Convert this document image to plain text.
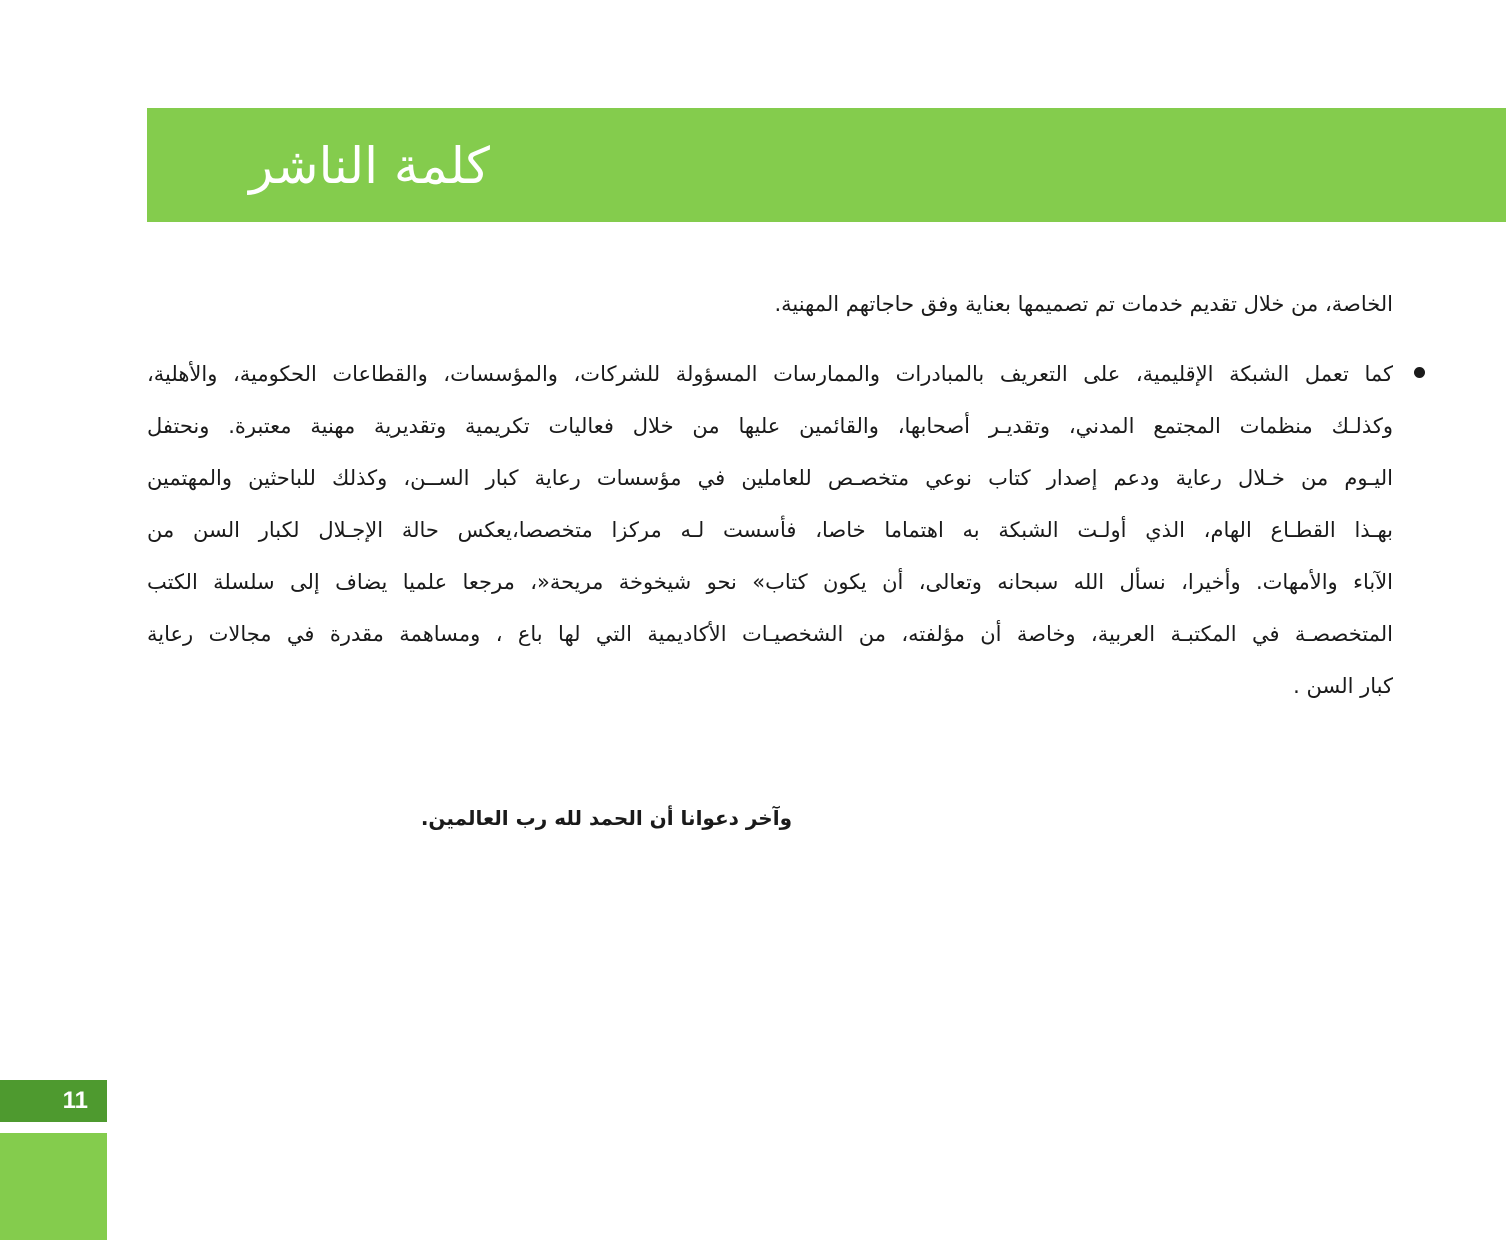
كلمة الناشر
الخاصة، من خلال تقديم خدمات تم تصميمها بعناية وفق حاجاتهم المهنية.
كما تعمل الشبكة الإقليمية، على التعريف بالمبادرات والممارسات المسؤولة للشركات، والمؤسسات، والقطاعات الحكومية، والأهلية،
وكذلـك منظمات المجتمع المدني، وتقديـر أصحابها، والقائمين عليها من خلال فعاليات تكريمية وتقديرية مهنية معتبرة. ونحتفل
اليـوم من خـلال رعاية ودعم إصدار كتاب نوعي متخصـص للعاملين في مؤسسات رعاية كبار الســن، وكذلك للباحثين والمهتمين
بهـذا القطـاع الهام، الذي أولـت الشبكة به اهتماما خاصا، فأسست لـه مركزا متخصصا،يعكس حالة الإجـلال لكبار السن من
الآباء والأمهات. وأخيرا، نسأل الله سبحانه وتعالى، أن يكون كتاب» نحو شيخوخة مريحة«، مرجعا علميا يضاف إلى سلسلة الكتب
المتخصصـة في المكتبـة العربية، وخاصة أن مؤلفته، من الشخصيـات الأكاديمية التي لها باع ، ومساهمة مقدرة في مجالات رعاية
كبار السن .
وآخر دعوانا أن الحمد لله رب العالمين.
11
